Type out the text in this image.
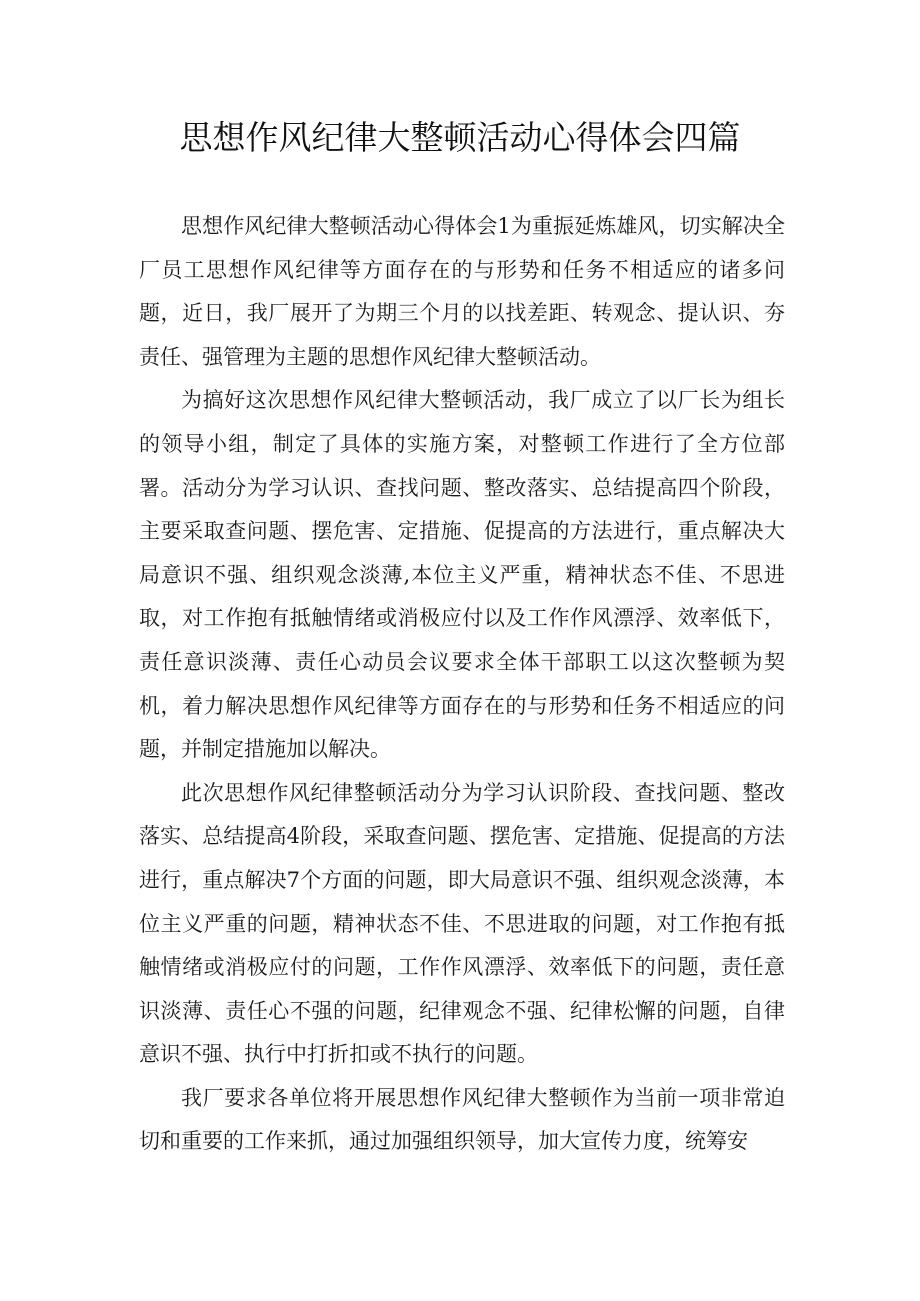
思想作风纪律大整顿活动心得体会四篇

思想作风纪律大整顿活动心得体会1为重振延炼雄风，切实解决全厂员工思想作风纪律等方面存在的与形势和任务不相适应的诸多问题，近日，我厂展开了为期三个月的以找差距、转观念、提认识、夯责任、强管理为主题的思想作风纪律大整顿活动。

为搞好这次思想作风纪律大整顿活动，我厂成立了以厂长为组长的领导小组，制定了具体的实施方案，对整顿工作进行了全方位部署。活动分为学习认识、查找问题、整改落实、总结提高四个阶段，主要采取查问题、摆危害、定措施、促提高的方法进行，重点解决大局意识不强、组织观念淡薄,本位主义严重，精神状态不佳、不思进取，对工作抱有抵触情绪或消极应付以及工作作风漂浮、效率低下，责任意识淡薄、责任心动员会议要求全体干部职工以这次整顿为契机，着力解决思想作风纪律等方面存在的与形势和任务不相适应的问题，并制定措施加以解决。

此次思想作风纪律整顿活动分为学习认识阶段、查找问题、整改落实、总结提高4阶段，采取查问题、摆危害、定措施、促提高的方法进行，重点解决7个方面的问题，即大局意识不强、组织观念淡薄，本位主义严重的问题，精神状态不佳、不思进取的问题，对工作抱有抵触情绪或消极应付的问题，工作作风漂浮、效率低下的问题，责任意识淡薄、责任心不强的问题，纪律观念不强、纪律松懈的问题，自律意识不强、执行中打折扣或不执行的问题。

我厂要求各单位将开展思想作风纪律大整顿作为当前一项非常迫切和重要的工作来抓，通过加强组织领导，加大宣传力度，统筹安
